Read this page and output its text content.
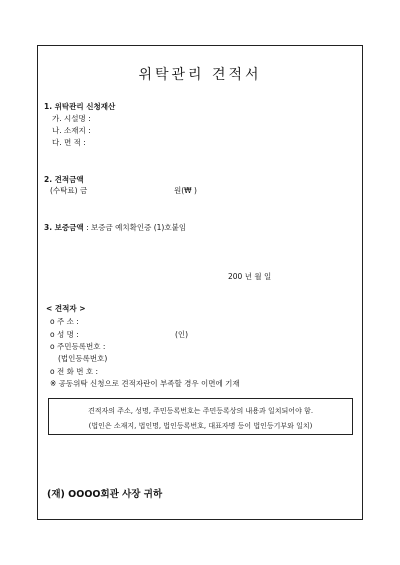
위탁관리 견적서
1. 위탁관리 신청재산
가. 시설명 :
나. 소재지 :
다. 면 적 :
2. 견적금액
(수탁료) 금	원(₩ )
3. 보증금액 : 보증금 예치확인증 (1)호붙임
200 년 월 일
< 견적자 >
o 주 소 :
o 성 명 :	(인)
o 주민등록번호 :
(법인등록번호)
o 전 화 번 호 :
※ 공동위탁 신청으로 견적자란이 부족할 경우 이면에 기재
견적자의 주소, 성명, 주민등록번호는 주민등록상의 내용과 일치되어야 함.
(법인은 소재지, 법인명, 법인등록번호, 대표자명 등이 법인등기부와 일치)
(재) OOOO회관 사장 귀하
